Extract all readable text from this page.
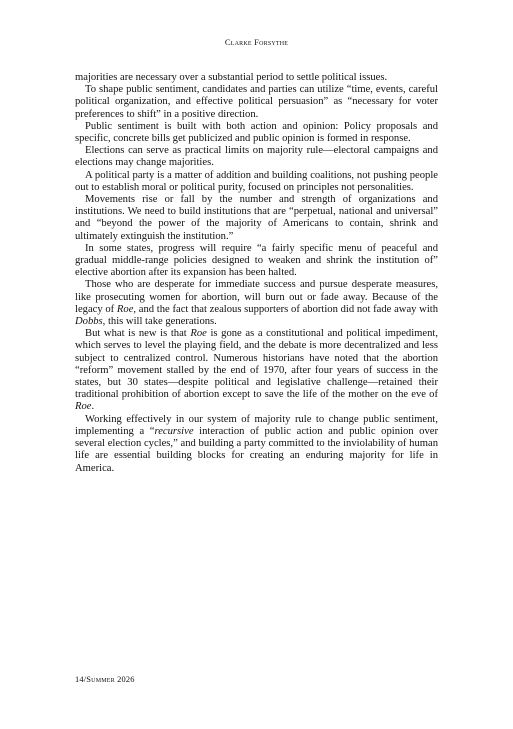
Clarke Forsythe

majorities are necessary over a substantial period to settle political issues.

To shape public sentiment, candidates and parties can utilize “time, events, careful political organization, and effective political persuasion” as “necessary for voter preferences to shift” in a positive direction.

Public sentiment is built with both action and opinion: Policy proposals and specific, concrete bills get publicized and public opinion is formed in response.

Elections can serve as practical limits on majority rule—electoral campaigns and elections may change majorities.

A political party is a matter of addition and building coalitions, not pushing people out to establish moral or political purity, focused on principles not personalities.

Movements rise or fall by the number and strength of organizations and institutions. We need to build institutions that are “perpetual, national and universal” and “beyond the power of the majority of Americans to contain, shrink and ultimately extinguish the institution.”

In some states, progress will require “a fairly specific menu of peaceful and gradual middle-range policies designed to weaken and shrink the institution of” elective abortion after its expansion has been halted.

Those who are desperate for immediate success and pursue desperate measures, like prosecuting women for abortion, will burn out or fade away. Because of the legacy of Roe, and the fact that zealous supporters of abortion did not fade away with Dobbs, this will take generations.

But what is new is that Roe is gone as a constitutional and political impediment, which serves to level the playing field, and the debate is more decentralized and less subject to centralized control. Numerous historians have noted that the abortion “reform” movement stalled by the end of 1970, after four years of success in the states, but 30 states—despite political and legislative challenge—retained their traditional prohibition of abortion except to save the life of the mother on the eve of Roe.

Working effectively in our system of majority rule to change public sentiment, implementing a “recursive interaction of public action and public opinion over several election cycles,” and building a party committed to the inviolability of human life are essential building blocks for creating an enduring majority for life in America.

14/Summer 2026
